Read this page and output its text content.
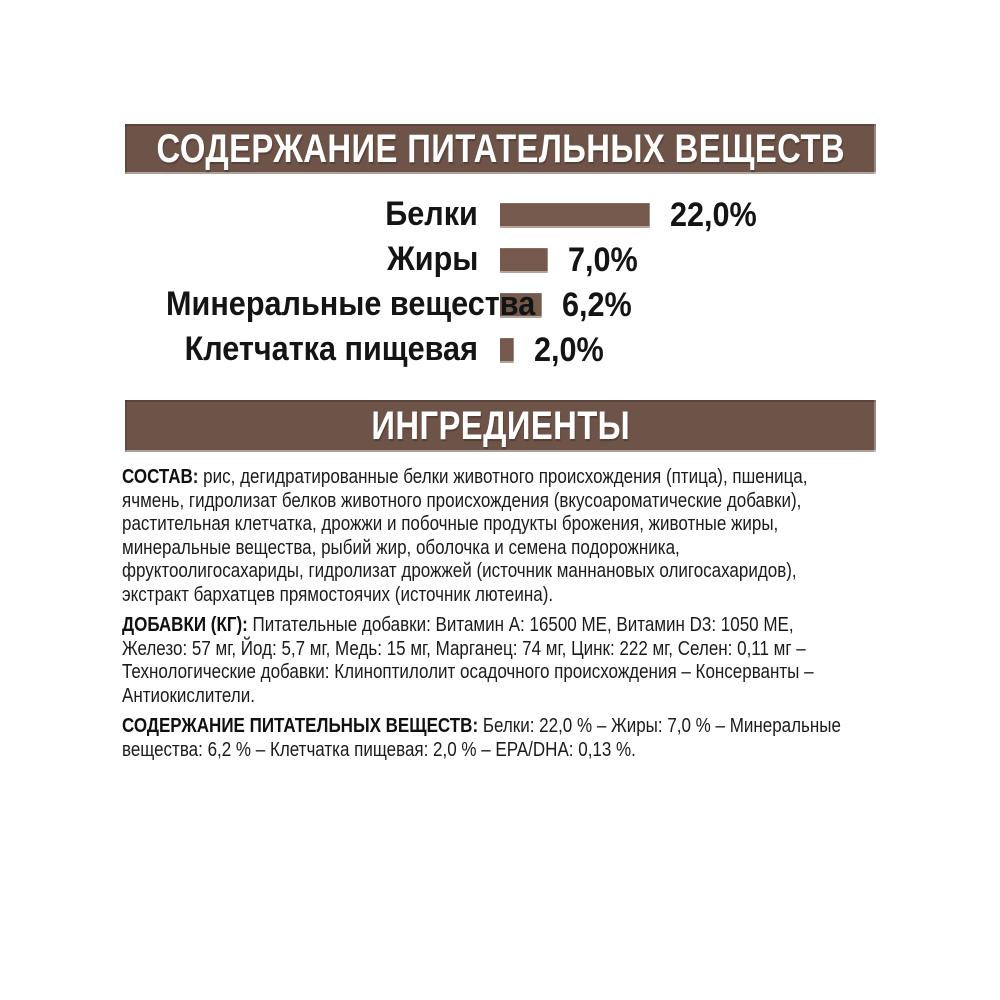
СОДЕРЖАНИЕ ПИТАТЕЛЬНЫХ ВЕЩЕСТВ
Белки	22,0%
Жиры	7,0%
Минеральные вещества 6,2%
Клетчатка пищевая 2,0%
ИНГРЕДИЕНТЫ

СОСТАВ: рис, дегидратированные белки животного происхождения (птица), пшеница, ячмень, гидролизат белков животного происхождения (вкусоароматические добавки), растительная клетчатка, дрожжи и побочные продукты брожения, животные жиры, минеральные вещества, рыбий жир, оболочка и семена подорожника, фруктоолигосахариды, гидролизат дрожжей (источник маннановых олигосахаридов), экстракт бархатцев прямостоячих (источник лютеина).

ДОБАВКИ (КГ): Питательные добавки: Витамин A: 16500 МЕ, Витамин D3: 1050 МЕ, Железо: 57 мг, Йод: 5,7 мг, Медь: 15 мг, Марганец: 74 мг, Цинк: 222 мг, Селен: 0,11 мг – Технологические добавки: Клиноптилолит осадочного происхождения – Консерванты – Антиокислители.

СОДЕРЖАНИЕ ПИТАТЕЛЬНЫХ ВЕЩЕСТВ: Белки: 22,0 % – Жиры: 7,0 % – Минеральные вещества: 6,2 % – Клетчатка пищевая: 2,0 % – EPA/DHA: 0,13 %.
